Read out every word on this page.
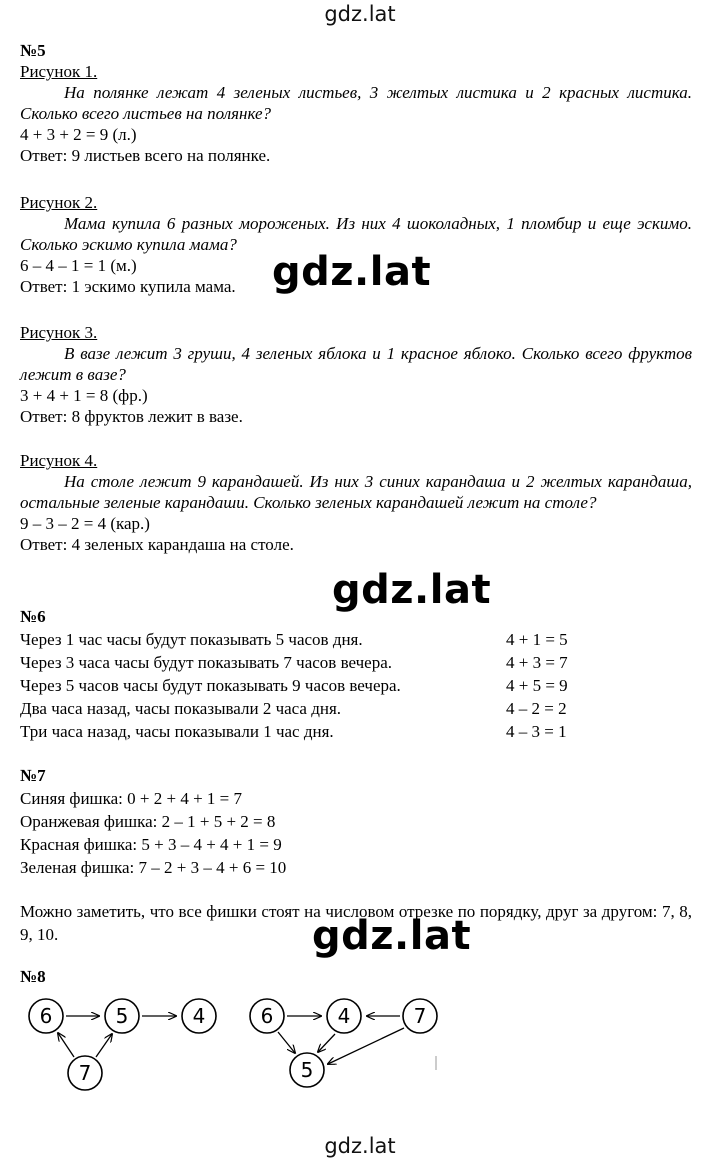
gdz.lat
№5
Рисунок 1.
На полянке лежат 4 зеленых листьев, 3 желтых листика и 2 красных листика. Сколько всего листьев на полянке?
4 + 3 + 2 = 9 (л.)
Ответ: 9 листьев всего на полянке.
Рисунок 2.
Мама купила 6 разных мороженых. Из них 4 шоколадных, 1 пломбир и еще эскимо. Сколько эскимо купила мама?
6 – 4 – 1 = 1 (м.)
Ответ: 1 эскимо купила мама.
Рисунок 3.
В вазе лежит 3 груши, 4 зеленых яблока и 1 красное яблоко. Сколько всего фруктов лежит в вазе?
3 + 4 + 1 = 8 (фр.)
Ответ: 8 фруктов лежит в вазе.
Рисунок 4.
На столе лежит 9 карандашей. Из них 3 синих карандаша и 2 желтых карандаша, остальные зеленые карандаши. Сколько зеленых карандашей лежит на столе?
9 – 3 – 2 = 4 (кар.)
Ответ: 4 зеленых карандаша на столе.
№6
Через 1 час часы будут показывать 5 часов дня.	4 + 1 = 5
Через 3 часа часы будут показывать 7 часов вечера.	4 + 3 = 7
Через 5 часов часы будут показывать 9 часов вечера.	4 + 5 = 9
Два часа назад, часы показывали 2 часа дня.	4 – 2 = 2
Три часа назад, часы показывали 1 час дня.	4 – 3 = 1
№7
Синяя фишка: 0 + 2 + 4 + 1 = 7
Оранжевая фишка: 2 – 1 + 5 + 2 = 8
Красная фишка: 5 + 3 – 4 + 4 + 1 = 9
Зеленая фишка: 7 – 2 + 3 – 4 + 6 = 10
Можно заметить, что все фишки стоят на числовом отрезке по порядку, друг за другом: 7, 8, 9, 10.
№8
6	5	4
7
6	4	7
5
gdz.lat
gdz.lat
gdz.lat
gdz.lat
